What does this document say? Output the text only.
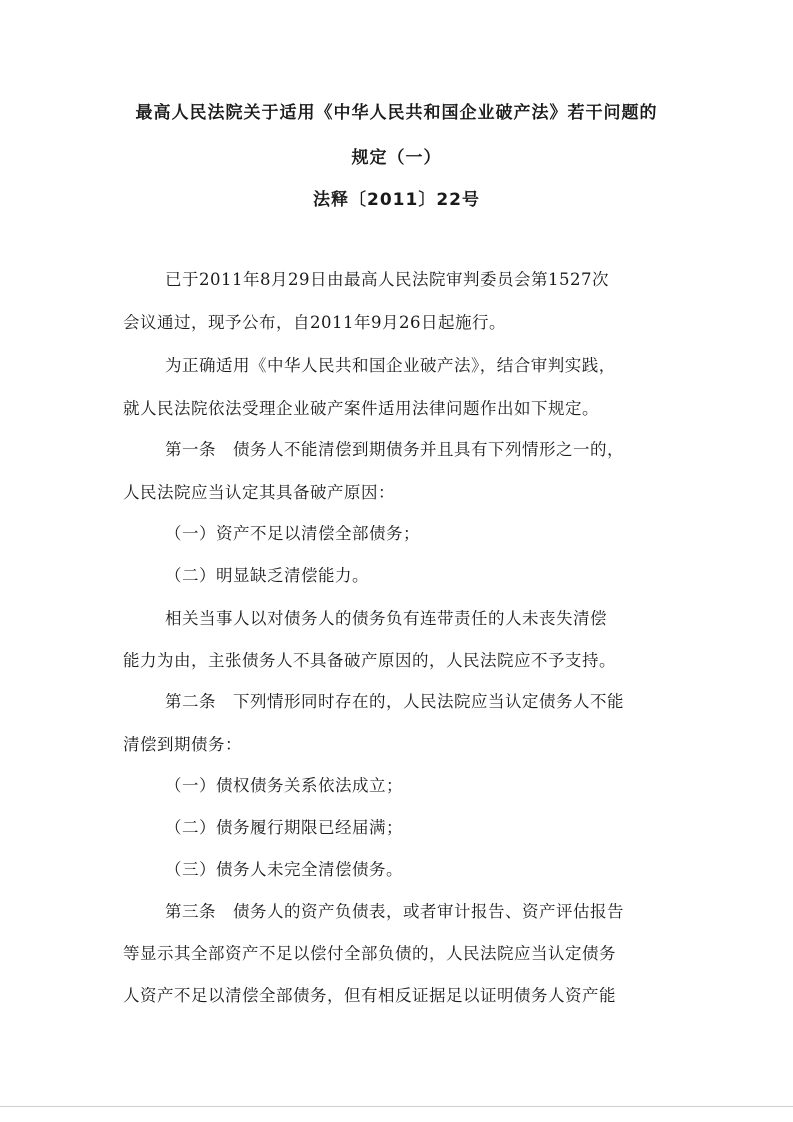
最高人民法院关于适用《中华人民共和国企业破产法》若干问题的
规定（一）
法释〔2011〕22号
已于2011年8月29日由最高人民法院审判委员会第1527次
会议通过，现予公布，自2011年9月26日起施行。
为正确适用《中华人民共和国企业破产法》，结合审判实践，
就人民法院依法受理企业破产案件适用法律问题作出如下规定。
第一条　债务人不能清偿到期债务并且具有下列情形之一的，
人民法院应当认定其具备破产原因：
（一）资产不足以清偿全部债务；
（二）明显缺乏清偿能力。
相关当事人以对债务人的债务负有连带责任的人未丧失清偿
能力为由，主张债务人不具备破产原因的，人民法院应不予支持。
第二条　下列情形同时存在的，人民法院应当认定债务人不能
清偿到期债务：
（一）债权债务关系依法成立；
（二）债务履行期限已经届满；
（三）债务人未完全清偿债务。
第三条　债务人的资产负债表，或者审计报告、资产评估报告
等显示其全部资产不足以偿付全部负债的，人民法院应当认定债务
人资产不足以清偿全部债务，但有相反证据足以证明债务人资产能
